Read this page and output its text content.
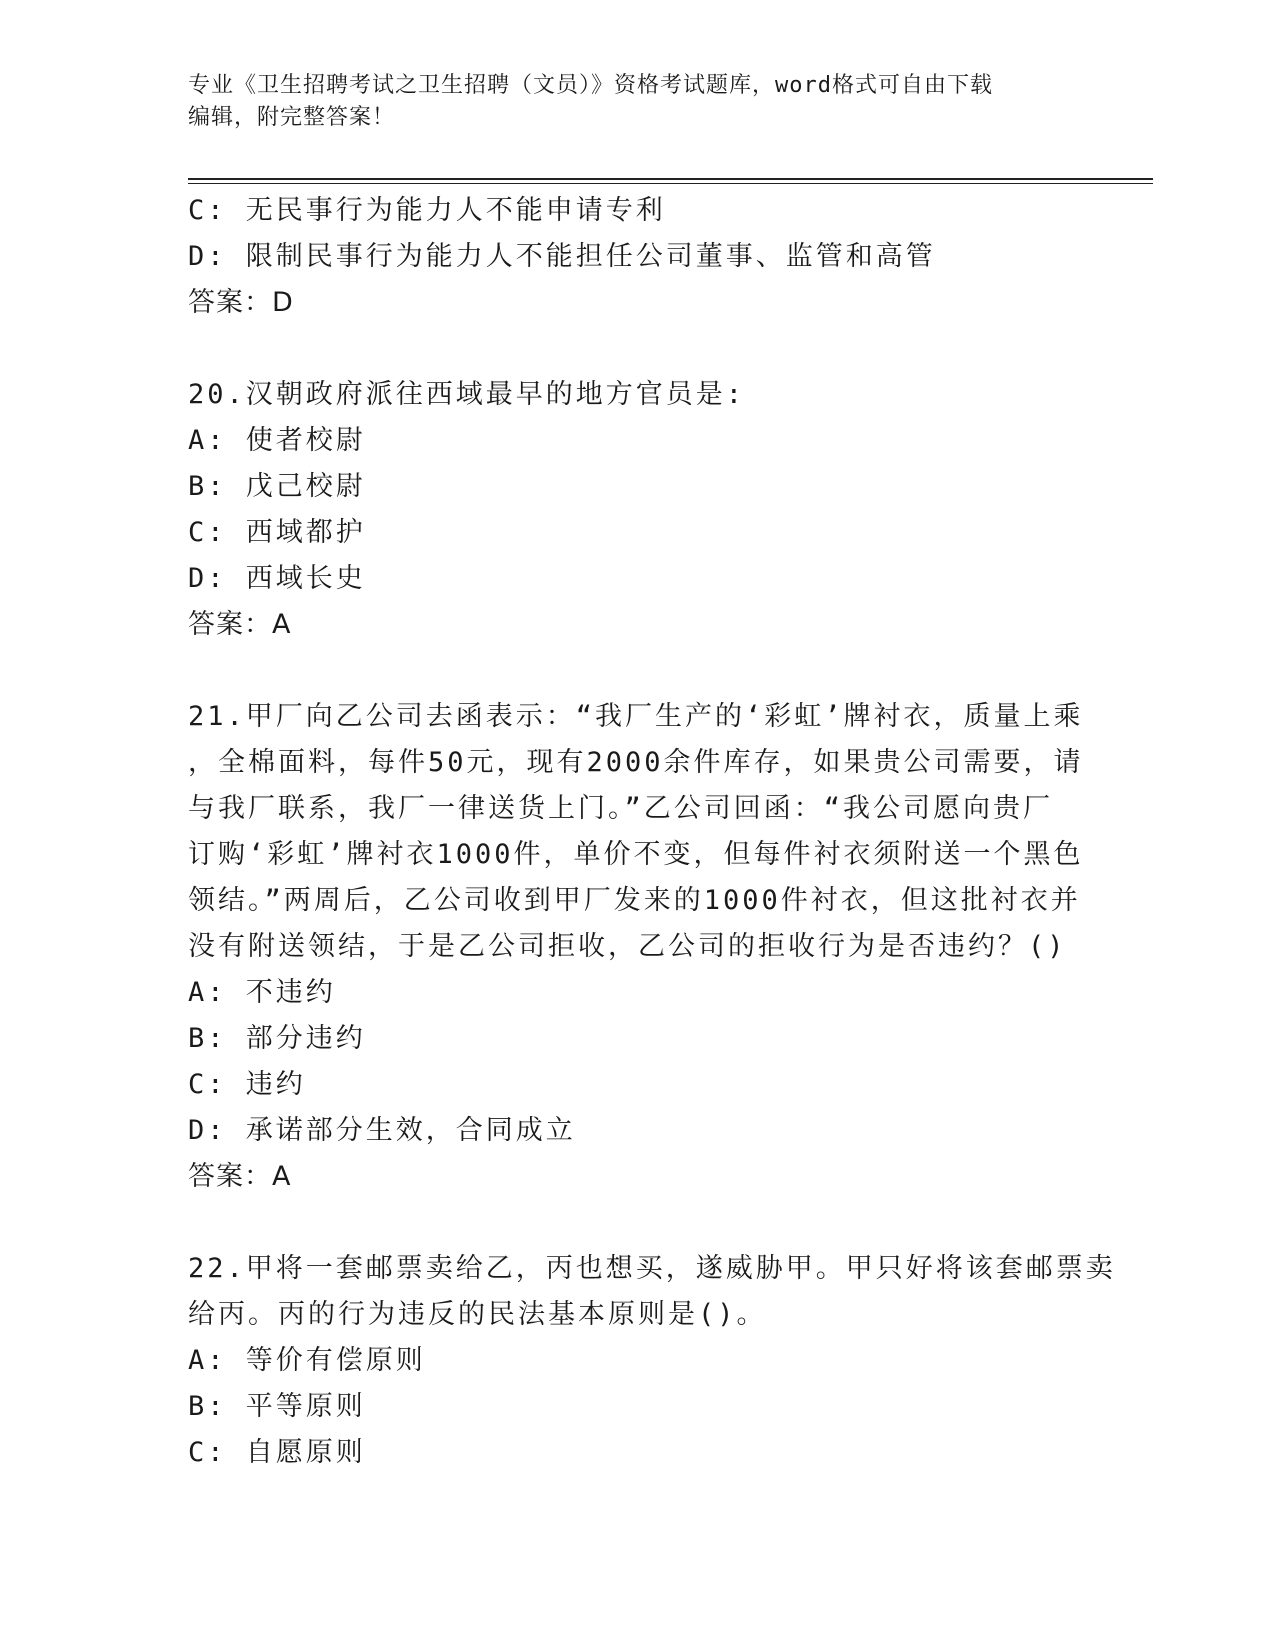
专业《卫生招聘考试之卫生招聘（文员）》资格考试题库，word格式可自由下载
编辑，附完整答案！
C: 无民事行为能力人不能申请专利
D: 限制民事行为能力人不能担任公司董事、监管和高管
答案：D
20.汉朝政府派往西域最早的地方官员是:
A: 使者校尉
B: 戊己校尉
C: 西域都护
D: 西域长史
答案：A
21.甲厂向乙公司去函表示：“我厂生产的‘彩虹’牌衬衣，质量上乘
，全棉面料，每件50元，现有2000余件库存，如果贵公司需要，请
与我厂联系，我厂一律送货上门。”乙公司回函：“我公司愿向贵厂
订购‘彩虹’牌衬衣1000件，单价不变，但每件衬衣须附送一个黑色
领结。”两周后，乙公司收到甲厂发来的1000件衬衣，但这批衬衣并
没有附送领结，于是乙公司拒收，乙公司的拒收行为是否违约？()
A: 不违约
B: 部分违约
C: 违约
D: 承诺部分生效，合同成立
答案：A
22.甲将一套邮票卖给乙，丙也想买，遂威胁甲。甲只好将该套邮票卖
给丙。丙的行为违反的民法基本原则是()。
A: 等价有偿原则
B: 平等原则
C: 自愿原则
